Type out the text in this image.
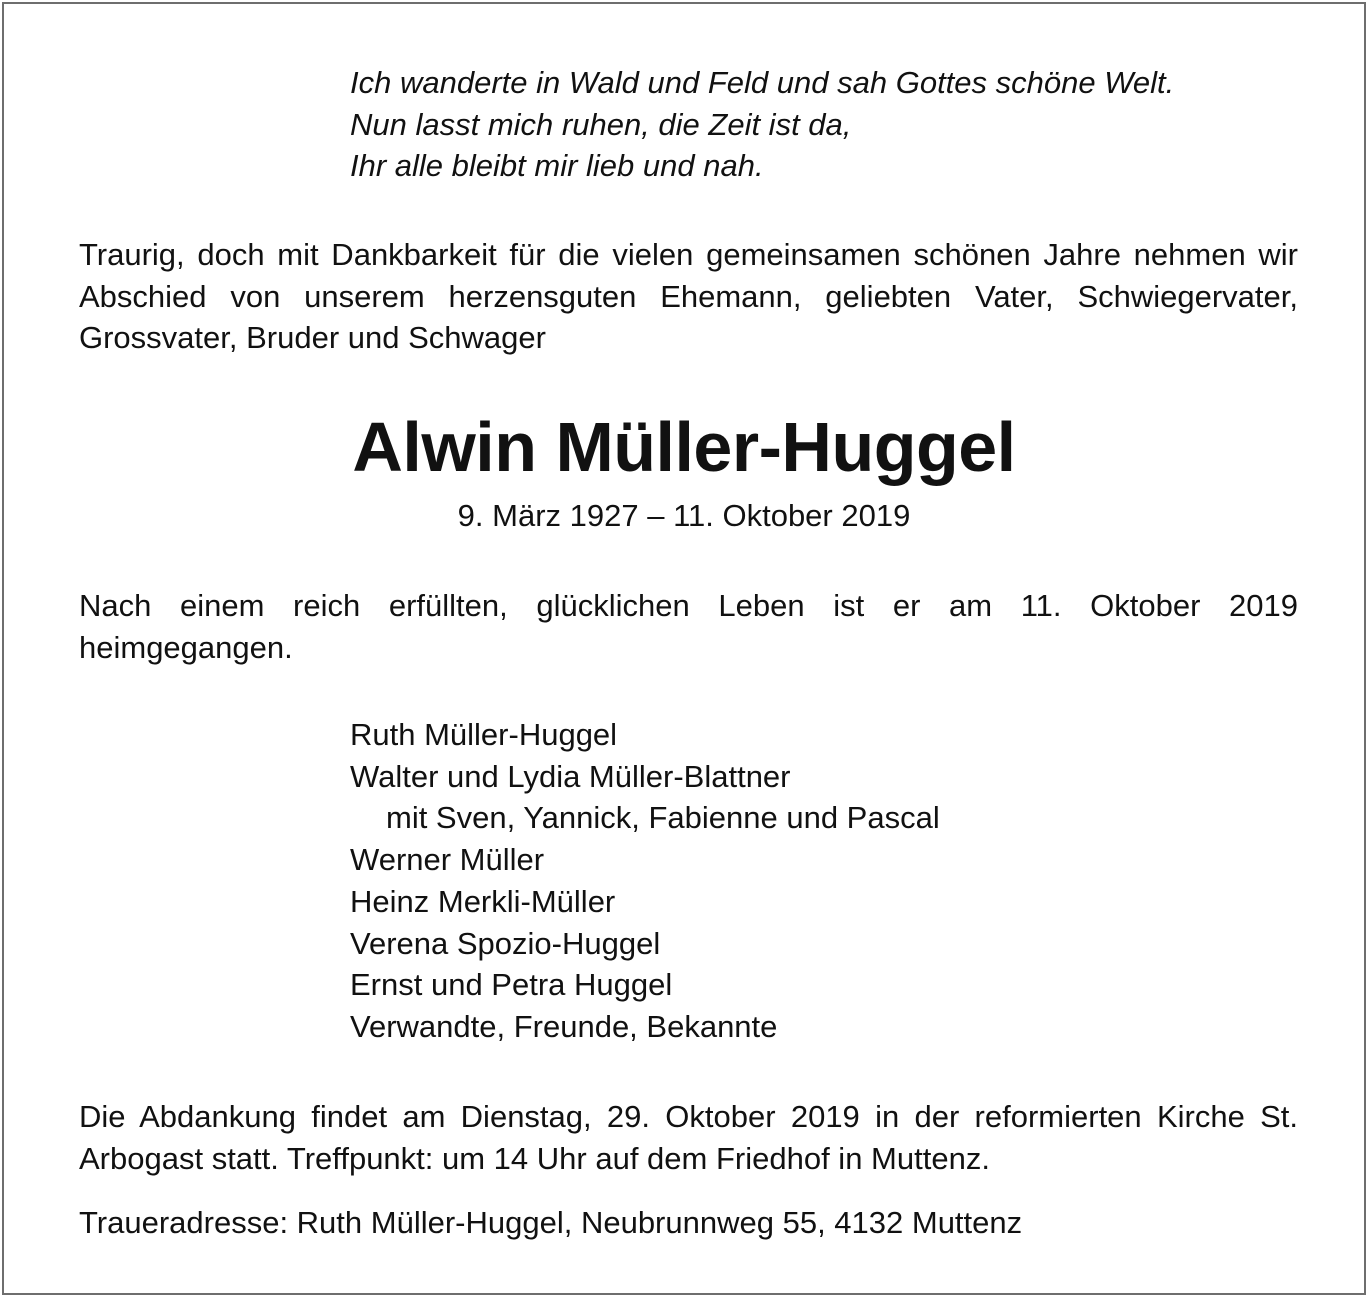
Ich wanderte in Wald und Feld und sah Gottes schöne Welt.
Nun lasst mich ruhen, die Zeit ist da,
Ihr alle bleibt mir lieb und nah.
Traurig, doch mit Dankbarkeit für die vielen gemeinsamen schönen Jahre nehmen wir Abschied von unserem herzensguten Ehemann, geliebten Vater, Schwiegervater, Grossvater, Bruder und Schwager
Alwin Müller-Huggel
9. März 1927 – 11. Oktober 2019
Nach einem reich erfüllten, glücklichen Leben ist er am 11. Oktober 2019 heimgegangen.
Ruth Müller-Huggel
Walter und Lydia Müller-Blattner
mit Sven, Yannick, Fabienne und Pascal
Werner Müller
Heinz Merkli-Müller
Verena Spozio-Huggel
Ernst und Petra Huggel
Verwandte, Freunde, Bekannte
Die Abdankung findet am Dienstag, 29. Oktober 2019 in der reformierten Kirche St. Arbogast statt. Treffpunkt: um 14 Uhr auf dem Friedhof in Muttenz.
Traueradresse: Ruth Müller-Huggel, Neubrunnweg 55, 4132 Muttenz
